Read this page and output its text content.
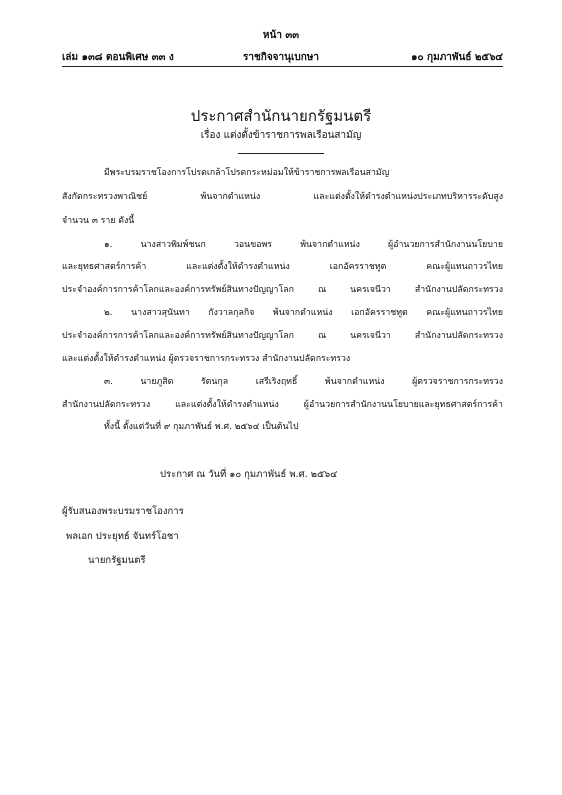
หน้า ๓๓
เล่ม ๑๓๘ ตอนพิเศษ ๓๓ ง	ราชกิจจานุเบกษา	๑๐ กุมภาพันธ์ ๒๕๖๔
ประกาศสำนักนายกรัฐมนตรี
เรื่อง แต่งตั้งข้าราชการพลเรือนสามัญ
มีพระบรมราชโองการโปรดเกล้าโปรดกระหม่อมให้ข้าราชการพลเรือนสามัญ
สังกัดกระทรวงพาณิชย์ พ้นจากตำแหน่ง และแต่งตั้งให้ดำรงตำแหน่งประเภทบริหารระดับสูง
จำนวน ๓ ราย ดังนี้
๑. นางสาวพิมพ์ชนก วอนขอพร พ้นจากตำแหน่ง ผู้อำนวยการสำนักงานนโยบาย
และยุทธศาสตร์การค้า และแต่งตั้งให้ดำรงตำแหน่ง เอกอัครราชทูต คณะผู้แทนถาวรไทย
ประจำองค์การการค้าโลกและองค์การทรัพย์สินทางปัญญาโลก ณ นครเจนีวา สำนักงานปลัดกระทรวง
๒. นางสาวสุนันทา กังวาลกุลกิจ พ้นจากตำแหน่ง เอกอัครราชทูต คณะผู้แทนถาวรไทย
ประจำองค์การการค้าโลกและองค์การทรัพย์สินทางปัญญาโลก ณ นครเจนีวา สำนักงานปลัดกระทรวง
และแต่งตั้งให้ดำรงตำแหน่ง ผู้ตรวจราชการกระทรวง สำนักงานปลัดกระทรวง
๓. นายภูสิต รัตนกุล เสรีเริงฤทธิ์ พ้นจากตำแหน่ง ผู้ตรวจราชการกระทรวง
สำนักงานปลัดกระทรวง และแต่งตั้งให้ดำรงตำแหน่ง ผู้อำนวยการสำนักงานนโยบายและยุทธศาสตร์การค้า
ทั้งนี้ ตั้งแต่วันที่ ๙ กุมภาพันธ์ พ.ศ. ๒๕๖๔ เป็นต้นไป
ประกาศ ณ วันที่ ๑๐ กุมภาพันธ์ พ.ศ. ๒๕๖๔
ผู้รับสนองพระบรมราชโองการ
พลเอก ประยุทธ์ จันทร์โอชา
นายกรัฐมนตรี
